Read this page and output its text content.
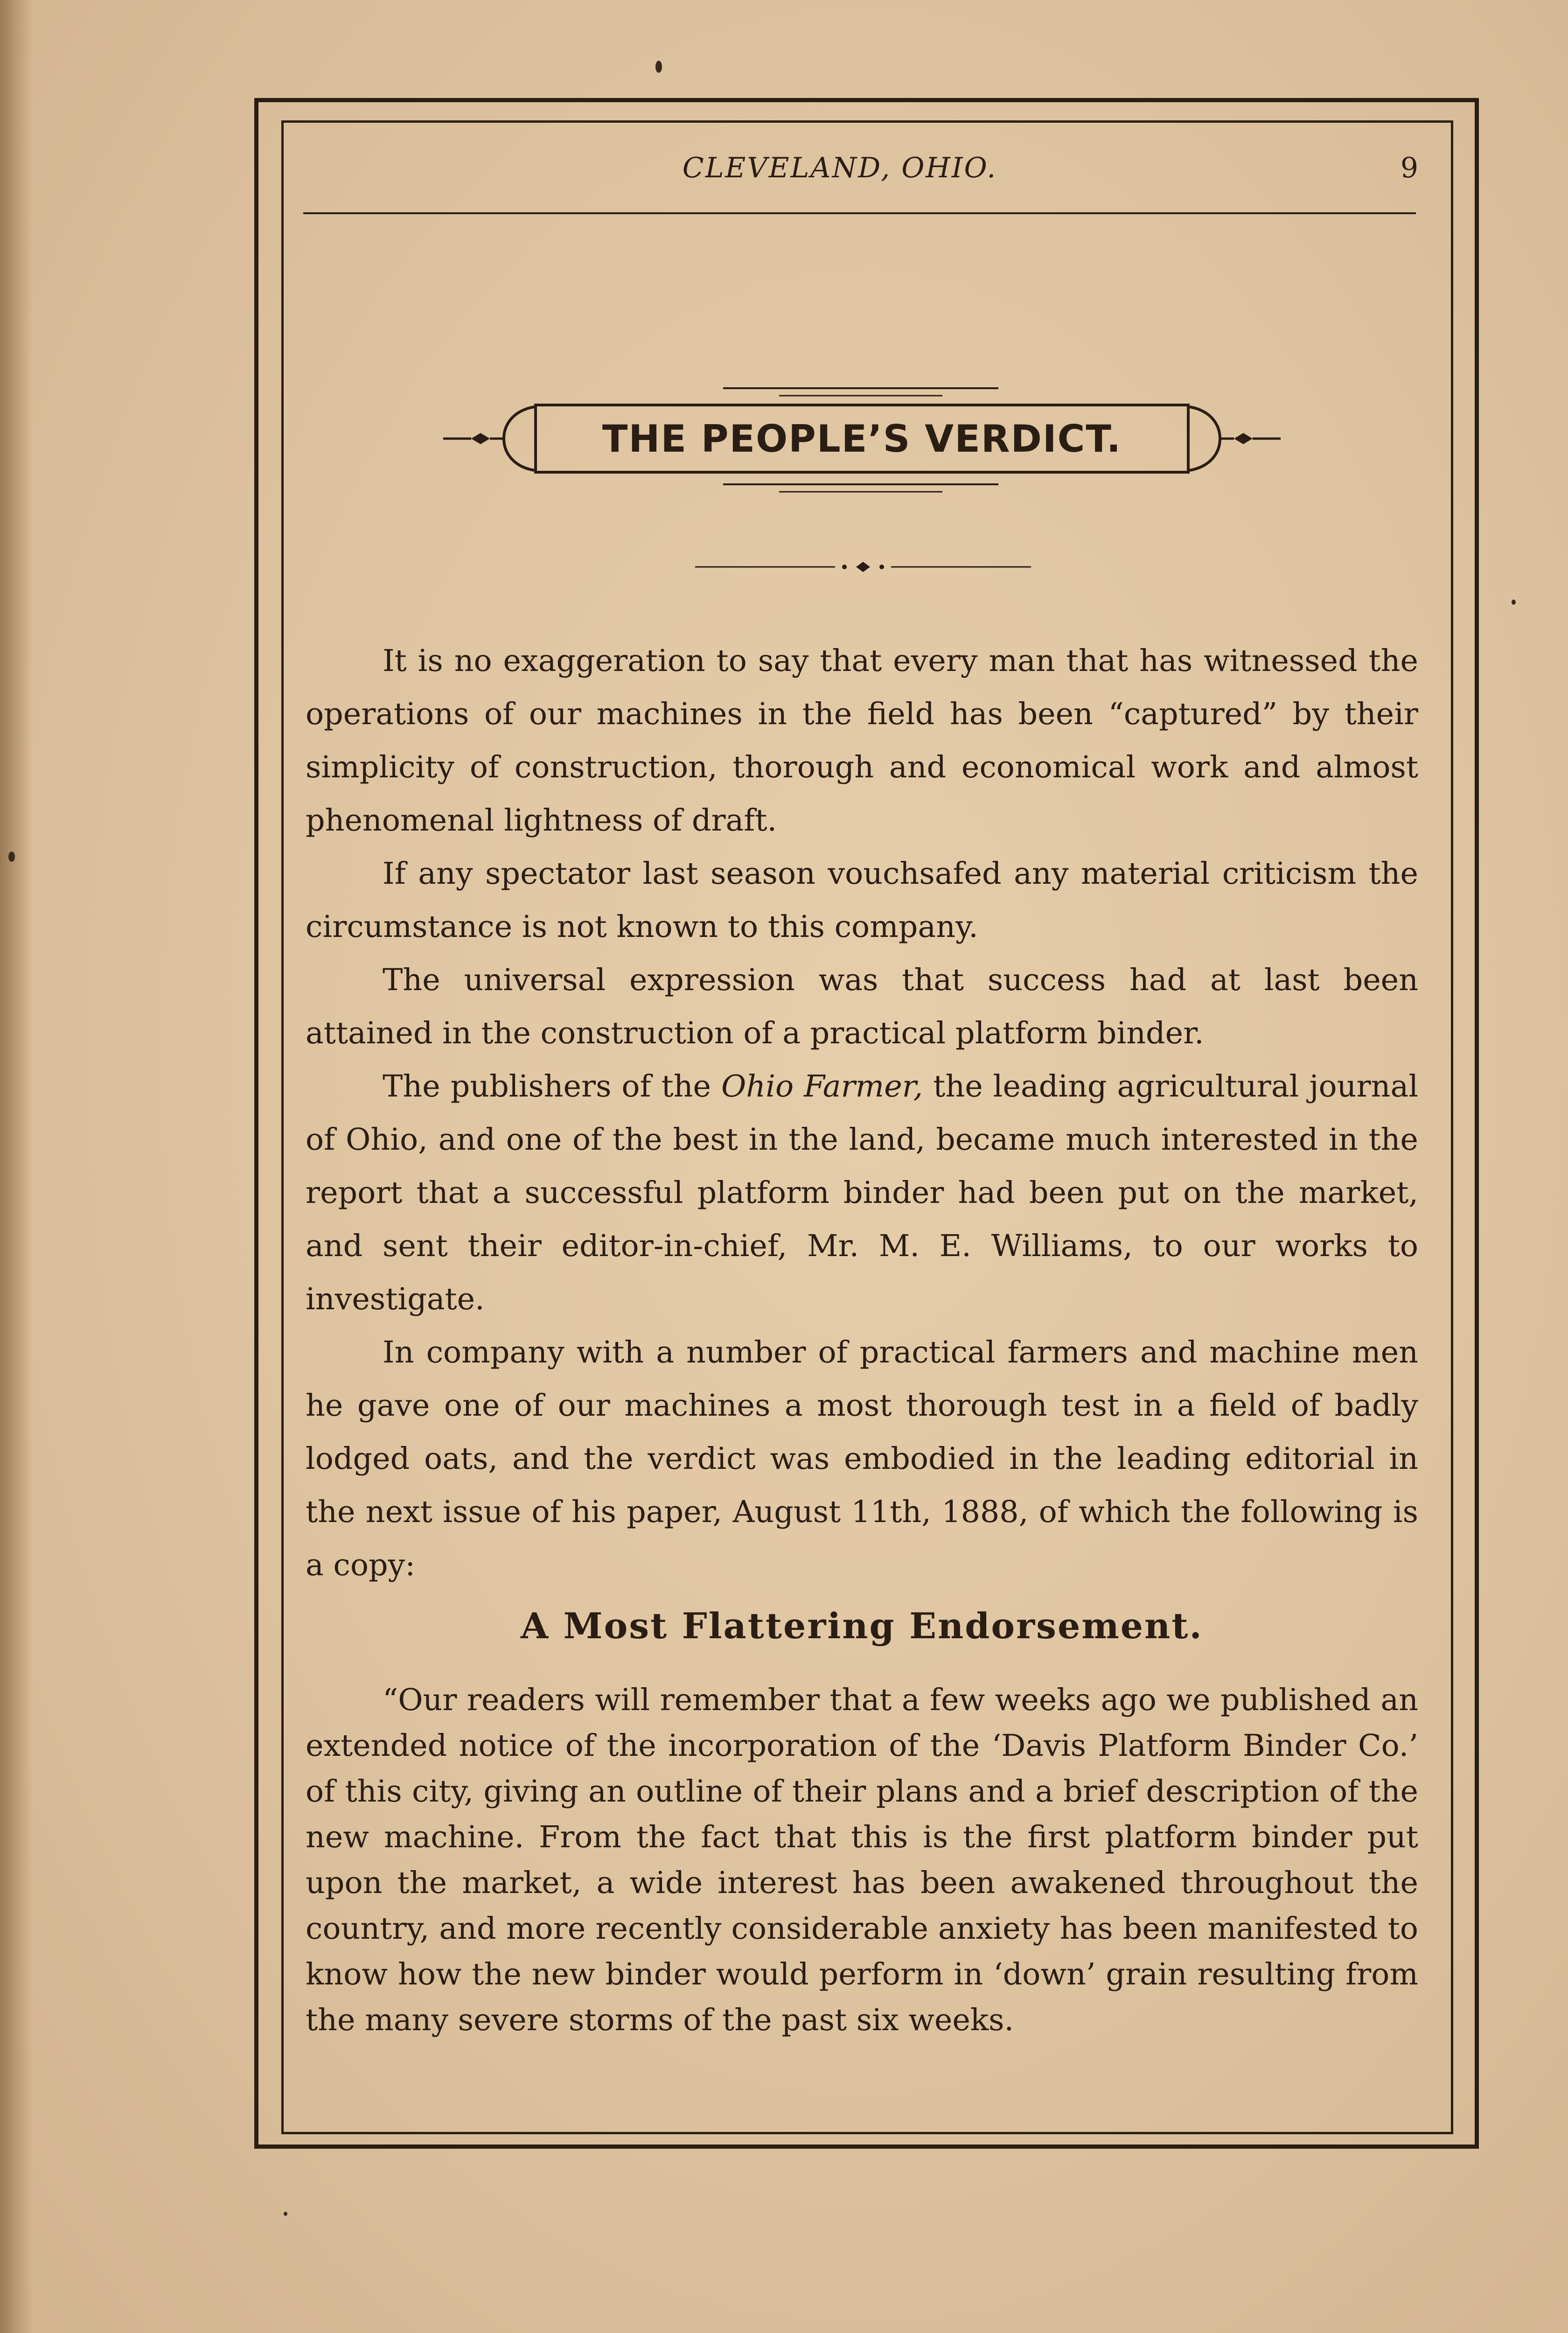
CLEVELAND, OHIO.	9
THE PEOPLE’S VERDICT.

It is no exaggeration to say that every man that has witnessed the operations of our machines in the field has been “captured” by their simplicity of construction, thorough and economical work and almost phenomenal lightness of draft.

If any spectator last season vouchsafed any material criticism the circumstance is not known to this company.

The universal expression was that success had at last been attained in the construction of a practical platform binder.

The publishers of the Ohio Farmer, the leading agricultural journal of Ohio, and one of the best in the land, became much interested in the report that a successful platform binder had been put on the market, and sent their editor-in-chief, Mr. M. E. Williams, to our works to investigate.

In company with a number of practical farmers and machine men he gave one of our machines a most thorough test in a field of badly lodged oats, and the verdict was embodied in the leading editorial in the next issue of his paper, August 11th, 1888, of which the following is a copy:

A Most Flattering Endorsement.

“Our readers will remember that a few weeks ago we published an extended notice of the incorporation of the ‘Davis Platform Binder Co.’ of this city, giving an outline of their plans and a brief description of the new machine. From the fact that this is the first platform binder put upon the market, a wide interest has been awakened throughout the country, and more recently considerable anxiety has been manifested to know how the new binder would perform in ‘down’ grain resulting from the many severe storms of the past six weeks.
